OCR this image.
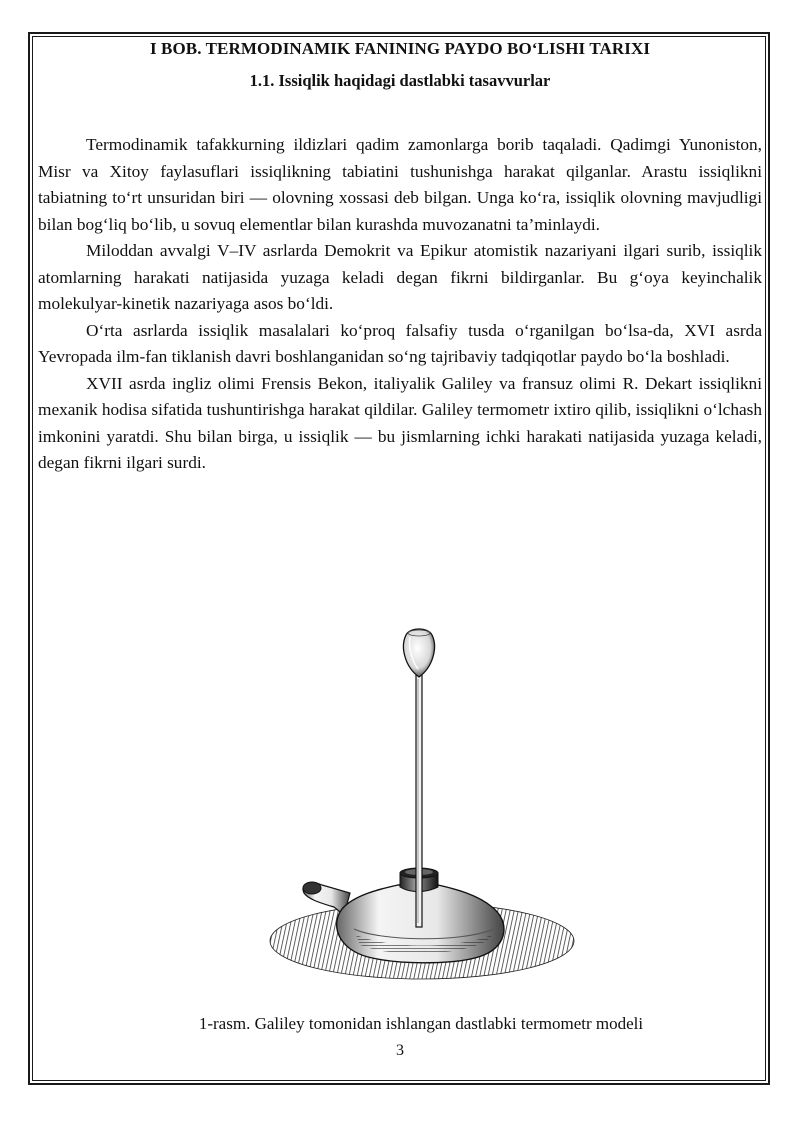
I BOB. TERMODINAMIK FANINING PAYDO BO‘LISHI TARIXI
1.1. Issiqlik haqidagi dastlabki tasavvurlar

Termodinamik tafakkurning ildizlari qadim zamonlarga borib taqaladi. Qadimgi Yunoniston, Misr va Xitoy faylasuflari issiqlikning tabiatini tushunishga harakat qilganlar. Arastu issiqlikni tabiatning to‘rt unsuridan biri — olovning xossasi deb bilgan. Unga ko‘ra, issiqlik olovning mavjudligi bilan bog‘liq bo‘lib, u sovuq elementlar bilan kurashda muvozanatni ta’minlaydi.

Miloddan avvalgi V–IV asrlarda Demokrit va Epikur atomistik nazariyani ilgari surib, issiqlik atomlarning harakati natijasida yuzaga keladi degan fikrni bildirganlar. Bu g‘oya keyinchalik molekulyar-kinetik nazariyaga asos bo‘ldi.

O‘rta asrlarda issiqlik masalalari ko‘proq falsafiy tusda o‘rganilgan bo‘lsa-da, XVI asrda Yevropada ilm-fan tiklanish davri boshlanganidan so‘ng tajribaviy tadqiqotlar paydo bo‘la boshladi.

XVII asrda ingliz olimi Frensis Bekon, italiyalik Galiley va fransuz olimi R. Dekart issiqlikni mexanik hodisa sifatida tushuntirishga harakat qildilar. Galiley termometr ixtiro qilib, issiqlikni o‘lchash imkonini yaratdi. Shu bilan birga, u issiqlik — bu jismlarning ichki harakati natijasida yuzaga keladi, degan fikrni ilgari surdi.

1-rasm. Galiley tomonidan ishlangan dastlabki termometr modeli
3
